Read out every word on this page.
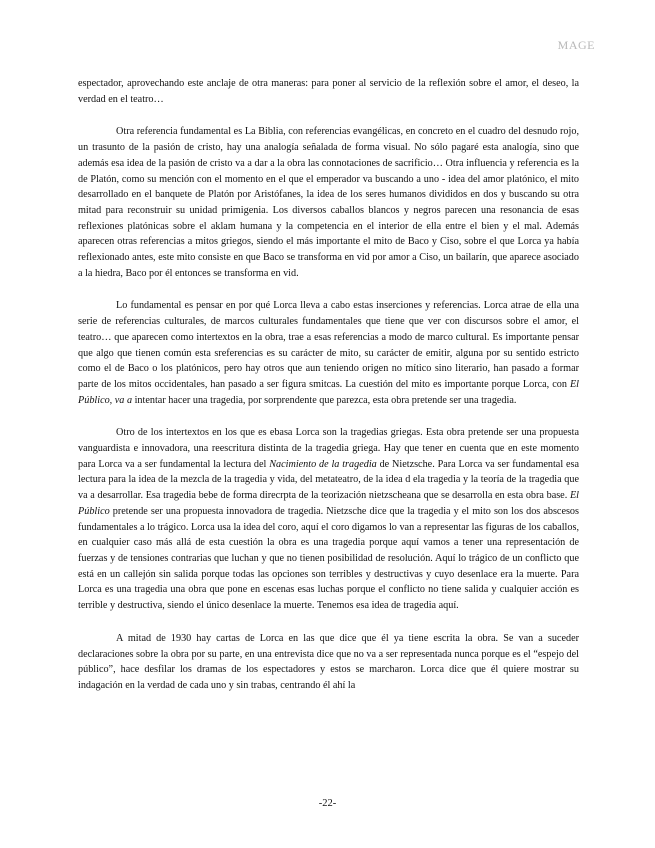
MAGE

espectador, aprovechando este anclaje de otra maneras: para poner al servicio de la reflexión sobre el amor, el deseo, la verdad en el teatro…

Otra referencia fundamental es La Biblia, con referencias evangélicas, en concreto en el cuadro del desnudo rojo, un trasunto de la pasión de cristo, hay una analogía señalada de forma visual. No sólo pagaré esta analogía, sino que además esa idea de la pasión de cristo va a dar a la obra las connotaciones de sacrificio… Otra influencia y referencia es la de Platón, como su mención con el momento en el que el emperador va buscando a uno - idea del amor platónico, el mito desarrollado en el banquete de Platón por Aristófanes, la idea de los seres humanos divididos en dos y buscando su otra mitad para reconstruir su unidad primigenia. Los diversos caballos blancos y negros parecen una resonancia de esas reflexiones platónicas sobre el aklam humana y la competencia en el interior de ella entre el bien y el mal. Además aparecen otras referencias a mitos griegos, siendo el más importante el mito de Baco y Ciso, sobre el que Lorca ya había reflexionado antes, este mito consiste en que Baco se transforma en vid por amor a Ciso, un bailarín, que aparece asociado a la hiedra, Baco por él entonces se transforma en vid.

Lo fundamental es pensar en por qué Lorca lleva a cabo estas inserciones y referencias. Lorca atrae de ella una serie de referencias culturales, de marcos culturales fundamentales que tiene que ver con discursos sobre el amor, el teatro… que aparecen como intertextos en la obra, trae a esas referencias a modo de marco cultural. Es importante pensar que algo que tienen común esta sreferencias es su carácter de mito, su carácter de emitir, alguna por su sentido estricto como el de Baco o los platónicos, pero hay otros que aun teniendo origen no mítico sino literario, han pasado a formar parte de los mitos occidentales, han pasado a ser figura smitcas. La cuestión del mito es importante porque Lorca, con El Público, va a intentar hacer una tragedia, por sorprendente que parezca, esta obra pretende ser una tragedia.

Otro de los intertextos en los que es ebasa Lorca son la tragedias griegas. Esta obra pretende ser una propuesta vanguardista e innovadora, una reescritura distinta de la tragedia griega. Hay que tener en cuenta que en este momento para Lorca va a ser fundamental la lectura del Nacimiento de la tragedia de Nietzsche. Para Lorca va ser fundamental esa lectura para la idea de la mezcla de la tragedia y vida, del metateatro, de la idea d ela tragedia y la teoría de la tragedia que va a desarrollar. Esa tragedia bebe de forma direcrpta de la teorización nietzscheana que se desarrolla en esta obra base. El Público pretende ser una propuesta innovadora de tragedia. Nietzsche dice que la tragedia y el mito son los dos abscesos fundamentales a lo trágico. Lorca usa la idea del coro, aquí el coro digamos lo van a representar las figuras de los caballos, en cualquier caso más allá de esta cuestión la obra es una tragedia porque aquí vamos a tener una representación de fuerzas y de tensiones contrarias que luchan y que no tienen posibilidad de resolución. Aquí lo trágico de un conflicto que está en un callejón sin salida porque todas las opciones son terribles y destructivas y cuyo desenlace era la muerte. Para Lorca es una tragedia una obra que pone en escenas esas luchas porque el conflicto no tiene salida y cualquier acción es terrible y destructiva, siendo el único desenlace la muerte. Tenemos esa idea de tragedia aquí.

A mitad de 1930 hay cartas de Lorca en las que dice que él ya tiene escrita la obra. Se van a suceder declaraciones sobre la obra por su parte, en una entrevista dice que no va a ser representada nunca porque es el “espejo del público”, hace desfilar los dramas de los espectadores y estos se marcharon. Lorca dice que él quiere mostrar su indagación en la verdad de cada uno y sin trabas, centrando él ahí la

-22-
